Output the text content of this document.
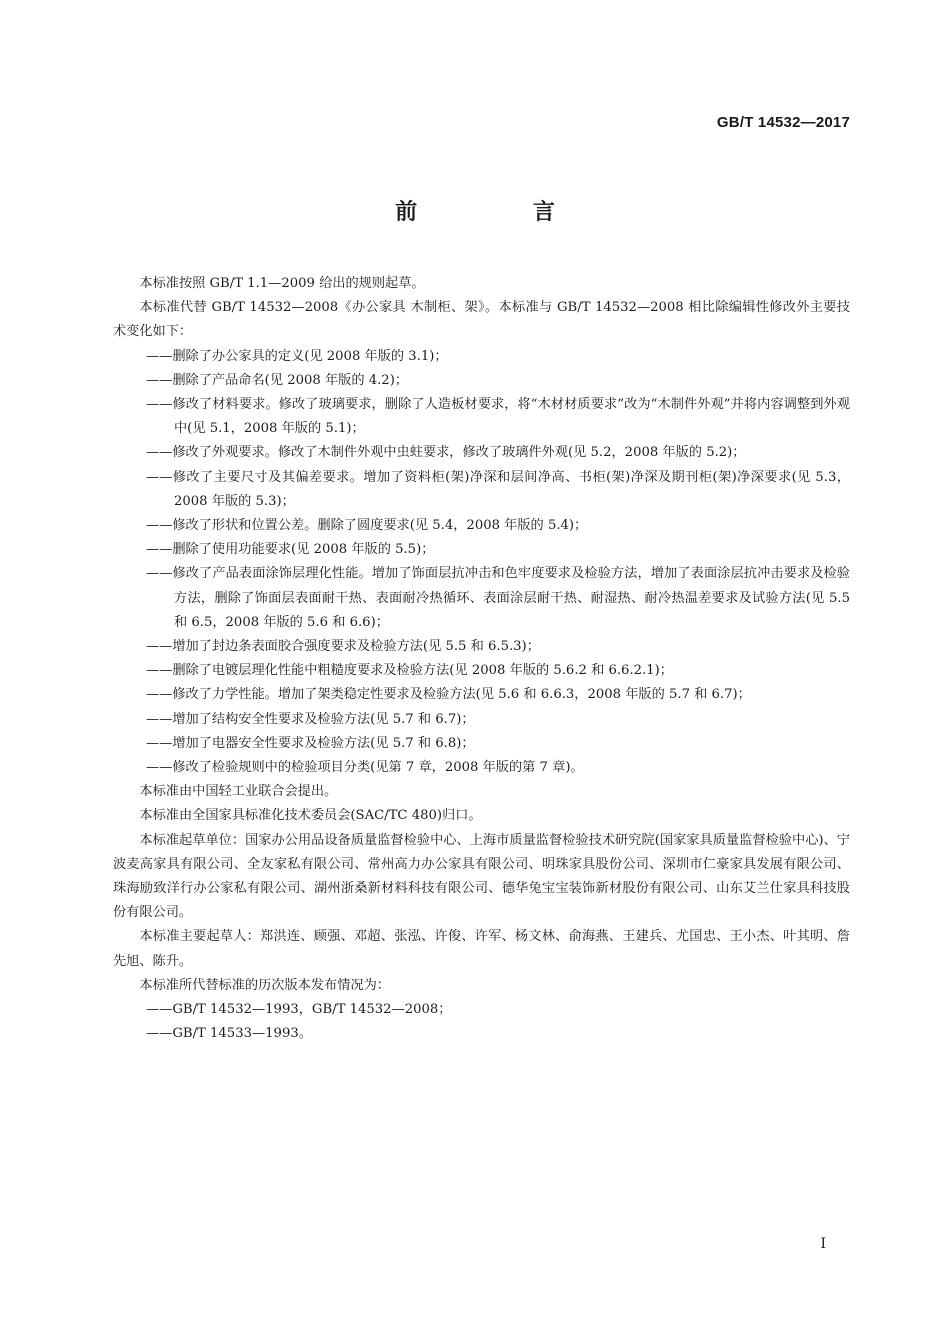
GB/T 14532—2017
前 言

本标准按照 GB/T 1.1—2009 给出的规则起草。

本标准代替 GB/T 14532—2008《办公家具 木制柜、架》。本标准与 GB/T 14532—2008 相比除编辑性修改外主要技术变化如下：

——删除了办公家具的定义(见 2008 年版的 3.1)；

——删除了产品命名(见 2008 年版的 4.2)；

——修改了材料要求。修改了玻璃要求，删除了人造板材要求，将“木材材质要求”改为“木制件外观”并将内容调整到外观中(见 5.1，2008 年版的 5.1)；

——修改了外观要求。修改了木制件外观中虫蛀要求，修改了玻璃件外观(见 5.2，2008 年版的 5.2)；

——修改了主要尺寸及其偏差要求。增加了资料柜(架)净深和层间净高、书柜(架)净深及期刊柜(架)净深要求(见 5.3，2008 年版的 5.3)；

——修改了形状和位置公差。删除了圆度要求(见 5.4，2008 年版的 5.4)；

——删除了使用功能要求(见 2008 年版的 5.5)；

——修改了产品表面涂饰层理化性能。增加了饰面层抗冲击和色牢度要求及检验方法，增加了表面涂层抗冲击要求及检验方法，删除了饰面层表面耐干热、表面耐冷热循环、表面涂层耐干热、耐湿热、耐冷热温差要求及试验方法(见 5.5 和 6.5，2008 年版的 5.6 和 6.6)；

——增加了封边条表面胶合强度要求及检验方法(见 5.5 和 6.5.3)；

——删除了电镀层理化性能中粗糙度要求及检验方法(见 2008 年版的 5.6.2 和 6.6.2.1)；

——修改了力学性能。增加了架类稳定性要求及检验方法(见 5.6 和 6.6.3，2008 年版的 5.7 和 6.7)；

——增加了结构安全性要求及检验方法(见 5.7 和 6.7)；

——增加了电器安全性要求及检验方法(见 5.7 和 6.8)；

——修改了检验规则中的检验项目分类(见第 7 章，2008 年版的第 7 章)。

本标准由中国轻工业联合会提出。

本标准由全国家具标准化技术委员会(SAC/TC 480)归口。

本标准起草单位：国家办公用品设备质量监督检验中心、上海市质量监督检验技术研究院(国家家具质量监督检验中心)、宁波麦高家具有限公司、全友家私有限公司、常州高力办公家具有限公司、明珠家具股份公司、深圳市仁豪家具发展有限公司、珠海励致洋行办公家私有限公司、湖州浙桑新材料科技有限公司、德华兔宝宝装饰新材股份有限公司、山东艾兰仕家具科技股份有限公司。

本标准主要起草人：郑洪连、顾强、邓超、张泓、许俊、许军、杨文林、俞海燕、王建兵、尤国忠、王小杰、叶其明、詹先旭、陈升。

本标准所代替标准的历次版本发布情况为：

——GB/T 14532—1993，GB/T 14532—2008；

——GB/T 14533—1993。

I
